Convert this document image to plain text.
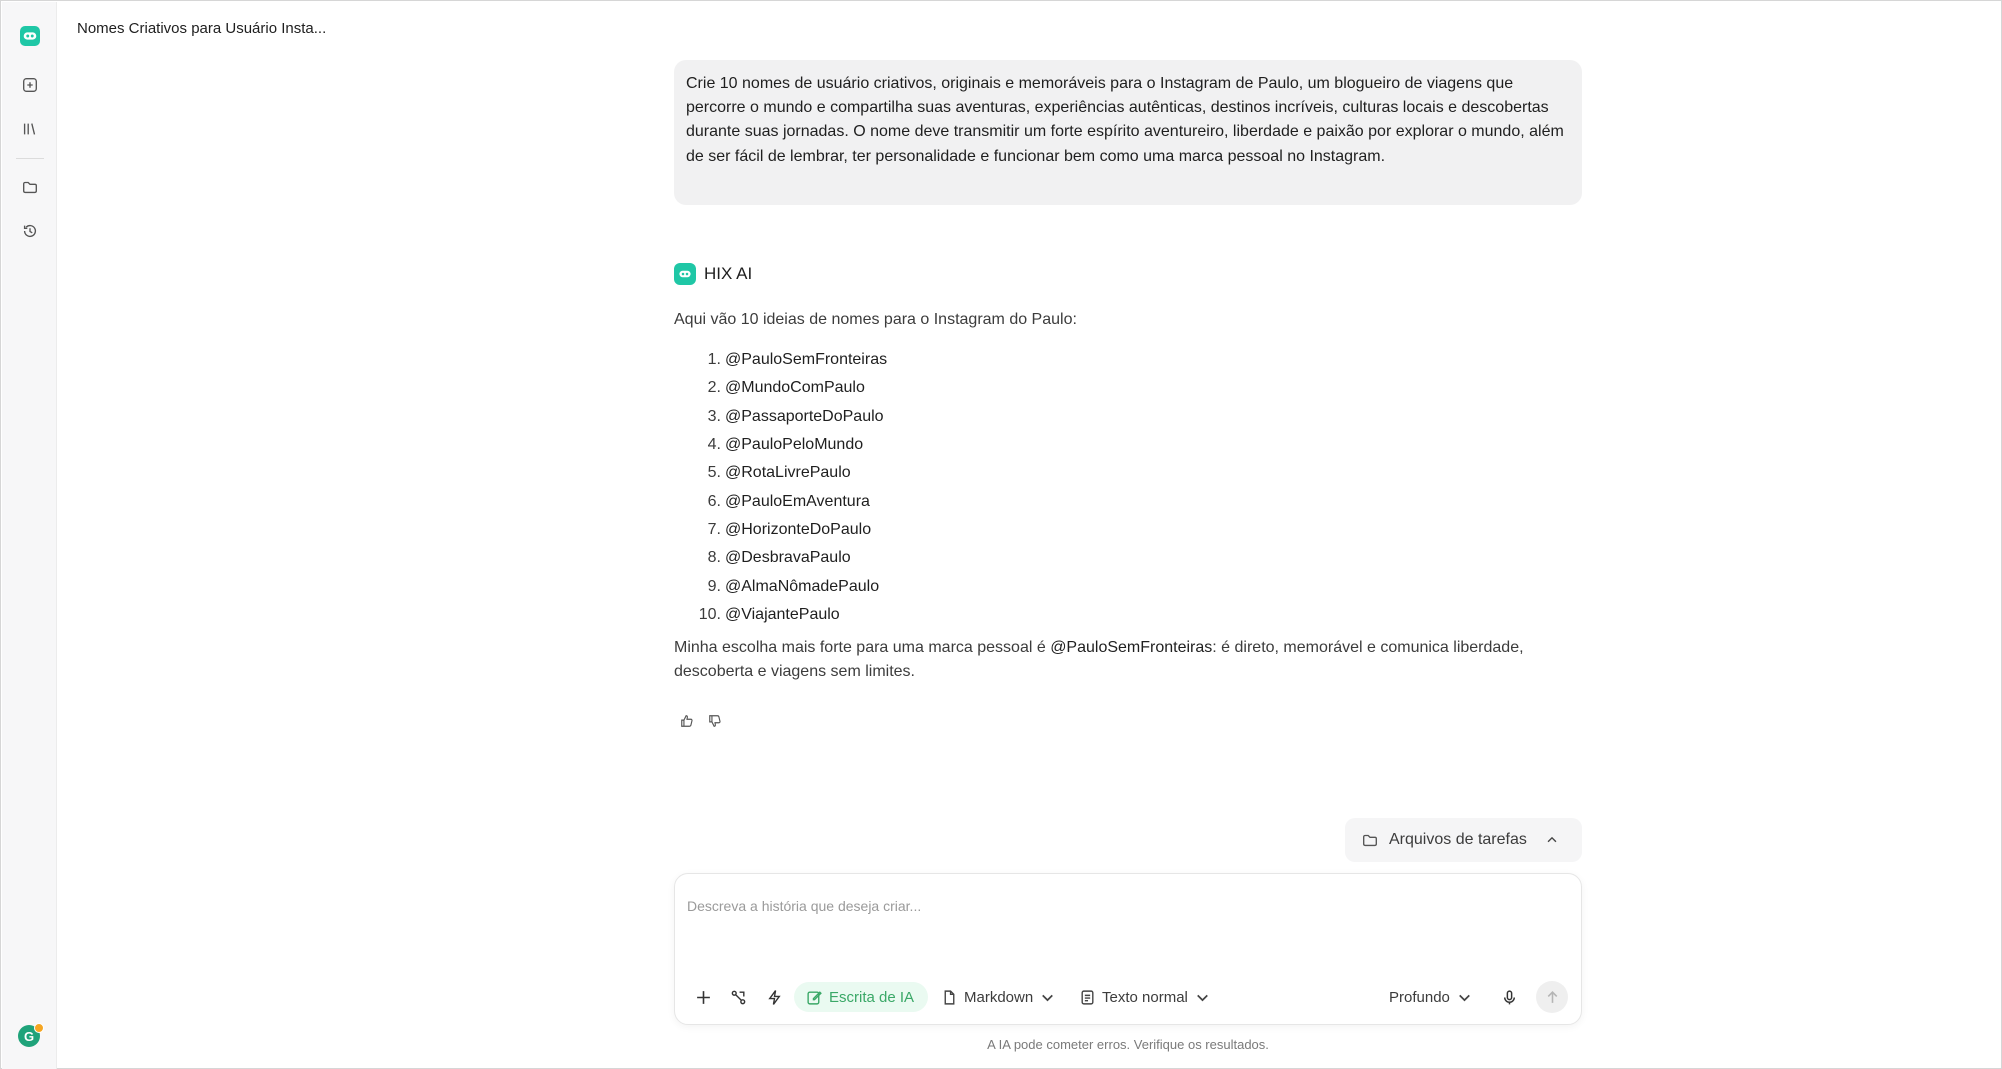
G
Nomes Criativos para Usuário Insta...
Crie 10 nomes de usuário criativos, originais e memoráveis para o Instagram de Paulo, um blogueiro de viagens que percorre o mundo e compartilha suas aventuras, experiências autênticas, destinos incríveis, culturas locais e descobertas durante suas jornadas. O nome deve transmitir um forte espírito aventureiro, liberdade e paixão por explorar o mundo, além de ser fácil de lembrar, ter personalidade e funcionar bem como uma marca pessoal no Instagram.
HIX AI
Aqui vão 10 ideias de nomes para o Instagram do Paulo:
1. @PauloSemFronteiras
2. @MundoComPaulo
3. @PassaporteDoPaulo
4. @PauloPeloMundo
5. @RotaLivrePaulo
6. @PauloEmAventura
7. @HorizonteDoPaulo
8. @DesbravaPaulo
9. @AlmaNômadePaulo
10. @ViajantePaulo
Minha escolha mais forte para uma marca pessoal é @PauloSemFronteiras: é direto, memorável e comunica liberdade, descoberta e viagens sem limites.
Arquivos de tarefas
Descreva a história que deseja criar...
Escrita de IA	Markdown	Texto normal	Profundo
A IA pode cometer erros. Verifique os resultados.
